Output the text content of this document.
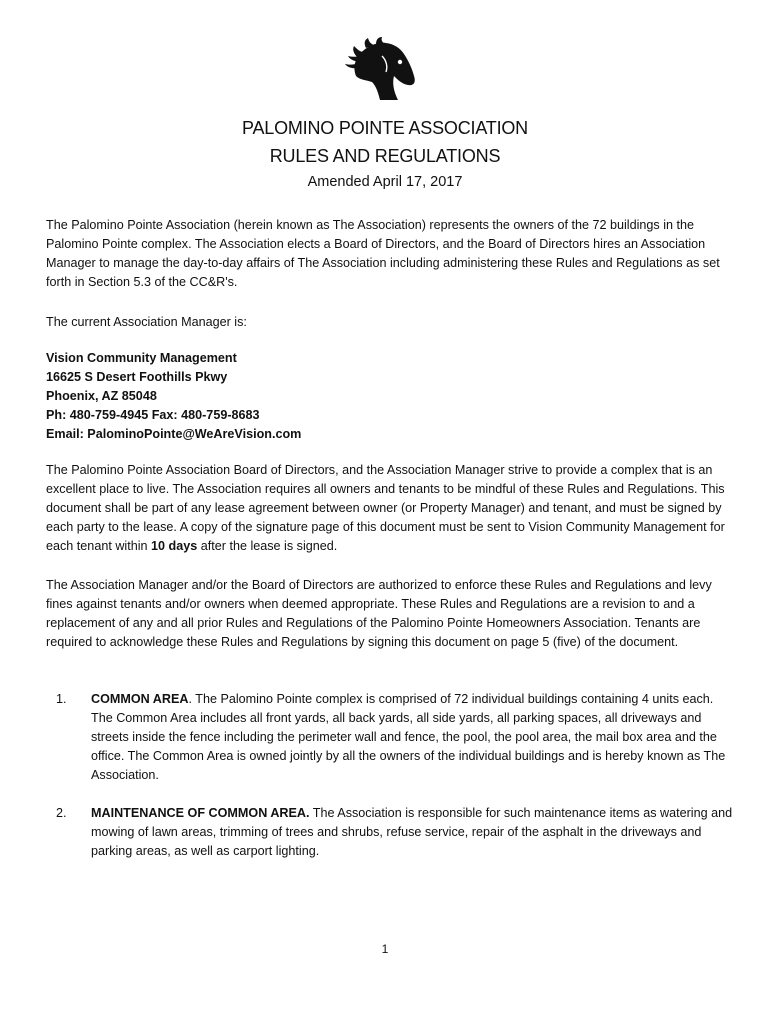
PALOMINO POINTE ASSOCIATION
RULES AND REGULATIONS
Amended April 17, 2017
The Palomino Pointe Association (herein known as The Association) represents the owners of the 72 buildings in the Palomino Pointe complex. The Association elects a Board of Directors, and the Board of Directors hires an Association Manager to manage the day-to-day affairs of The Association including administering these Rules and Regulations as set forth in Section 5.3 of the CC&R's.
The current Association Manager is:
Vision Community Management
16625 S Desert Foothills Pkwy
Phoenix, AZ 85048
Ph: 480-759-4945 Fax: 480-759-8683
Email: PalominoPointe@WeAreVision.com
The Palomino Pointe Association Board of Directors, and the Association Manager strive to provide a complex that is an excellent place to live. The Association requires all owners and tenants to be mindful of these Rules and Regulations. This document shall be part of any lease agreement between owner (or Property Manager) and tenant, and must be signed by each party to the lease. A copy of the signature page of this document must be sent to Vision Community Management for each tenant within 10 days after the lease is signed.
The Association Manager and/or the Board of Directors are authorized to enforce these Rules and Regulations and levy fines against tenants and/or owners when deemed appropriate. These Rules and Regulations are a revision to and a replacement of any and all prior Rules and Regulations of the Palomino Pointe Homeowners Association. Tenants are required to acknowledge these Rules and Regulations by signing this document on page 5 (five) of the document.
1. COMMON AREA. The Palomino Pointe complex is comprised of 72 individual buildings containing 4 units each. The Common Area includes all front yards, all back yards, all side yards, all parking spaces, all driveways and streets inside the fence including the perimeter wall and fence, the pool, the pool area, the mail box area and the office. The Common Area is owned jointly by all the owners of the individual buildings and is hereby known as The Association.
2. MAINTENANCE OF COMMON AREA. The Association is responsible for such maintenance items as watering and mowing of lawn areas, trimming of trees and shrubs, refuse service, repair of the asphalt in the driveways and parking areas, as well as carport lighting.
1
